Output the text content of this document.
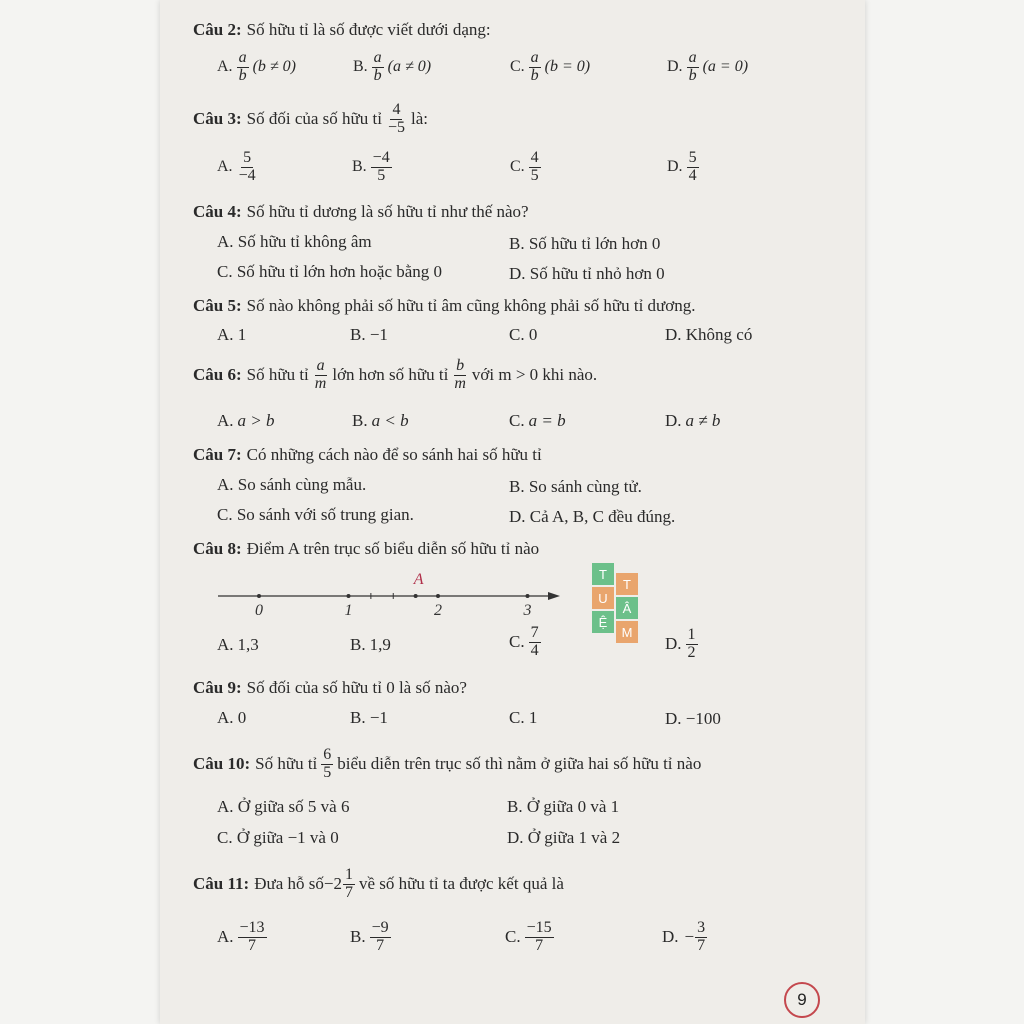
Câu 2: Số hữu tỉ là số được viết dưới dạng:
A. $\frac{a}{b} (b \ne 0)$	B. $\frac{a}{b} (a \ne 0)$	C. $\frac{a}{b} (b = 0)$	D. $\frac{a}{b} (a = 0)$
Câu 3: Số đối của số hữu tỉ $\frac{4}{-5}$ là:
A. $\frac{5}{-4}$	B. $\frac{-4}{5}$	C. $\frac{4}{5}$	D. $\frac{5}{4}$
Câu 4: Số hữu tỉ dương là số hữu tỉ như thế nào?
A. Số hữu tỉ không âm	B. Số hữu tỉ lớn hơn 0
C. Số hữu tỉ lớn hơn hoặc bằng 0	D. Số hữu tỉ nhỏ hơn 0
Câu 5: Số nào không phải số hữu tỉ âm cũng không phải số hữu tỉ dương.
A. 1	B. −1	C. 0	D. Không có
Câu 6: Số hữu tỉ $\frac{a}{m}$ lớn hơn số hữu tỉ $\frac{b}{m}$ với m > 0 khi nào.
A. a > b	B. a < b	C. a = b	D. a ≠ b
Câu 7: Có những cách nào để so sánh hai số hữu tỉ
A. So sánh cùng mẫu.	B. So sánh cùng tử.
C. So sánh với số trung gian.	D. Cả A, B, C đều đúng.
Câu 8: Điểm A trên trục số biểu diễn số hữu tỉ nào
0	1	2	3
A	T
U
Ệ
T
Â
M
A. 1,3	B. 1,9	C. $\frac{7}{4}$	D. $\frac{1}{2}$
Câu 9: Số đối của số hữu tỉ 0 là số nào?
A. 0	B. −1	C. 1	D. −100
Câu 10: Số hữu tỉ $\frac{6}{5}$ biểu diễn trên trục số thì nằm ở giữa hai số hữu tỉ nào
A. Ở giữa số 5 và 6	B. Ở giữa 0 và 1
C. Ở giữa −1 và 0	D. Ở giữa 1 và 2
Câu 11: Đưa hỗ số $-2 \frac{1}{7}$ về số hữu tỉ ta được kết quả là
A. $\frac{-13}{7}$	B. $\frac{-9}{7}$	C. $\frac{-15}{7}$	D. − $\frac{3}{7}$
9
